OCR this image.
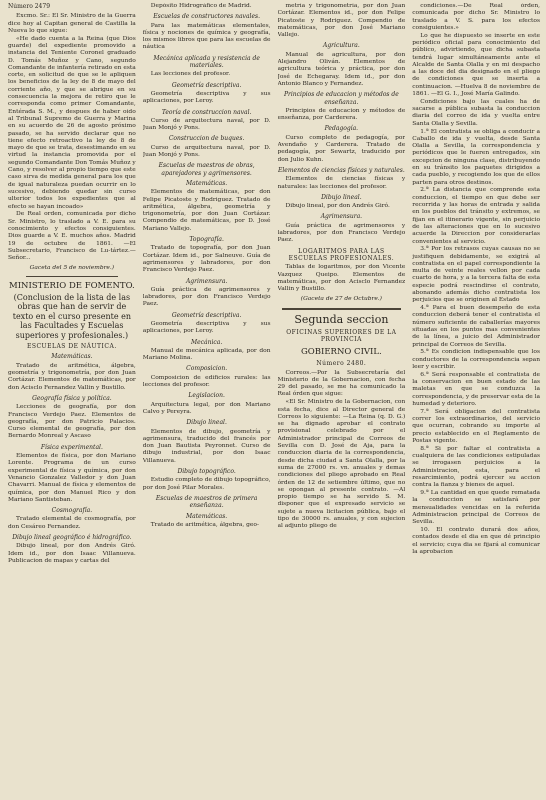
Número 2479

Excmo. Sr.: El Sr. Ministro de la Guerra dice hoy al Capitan general de Castilla la Nueva lo que sigue:

«He dado cuenta a la Reina (que Dios guarde) del expediente promovido a instancia del Teniente Coronel graduado D. Tomás Muñoz y Cano, segundo Comandante de infantería retirado en esta corte, en solicitud de que se le apliquen los beneficios de la ley de 8 de mayo del corriente año, y que se abrigue en su consecuencia la mejora de retiro que le corresponda como primer Comandante, Entérada S. M., y despues de haber oido al Tribunal Supremo de Guerra y Marina en su acuerdo de 26 de agosto próximo pasado, se ha servido declarar que no tiene efecto retroactivo la ley de 8 de mayo de que se trata, desestimando en su virtud la instancia promovida por el segundo Comandante Don Tomás Muñoz y Cano, y resolver al propio tiempo que este caso sirva de medida general para los que de igual naturaleza puedan ocurrir en lo sucesivo, debiendo quedar sin curso ulterior todos los expedientes que al efecto se hayan incoado»

De Real orden, comunicada por dicho Sr. Ministro, lo traslado a V. E. para su conocimiento y efectos consiguientes. Dios guarde a V. E. muchos años. Madrid 19 de octubre de 1861. —El Subsecretario, Francisco de Lu-tártez.—Señor...

Gaceta del 5 de noviembre.)
MINISTERIO DE FOMENTO.
(Conclusion de la lista de las obras que han de servir de texto en el curso presente en las Facultades y Escuelas superiores y profesionales.)
ESCUELAS DE NÁUTICA.
Matemáticas.

Tratado de aritmética, álgebra, geometría y trigonometría, por don Juan Cortázar. Elementos de matemáticas, por don Acisclo Fernandez Vallin y Bustillo.

Geografía física y política.

Lecciones de geografía, por don Francisco Verdejo Paez. Elementos de geografía, por don Patricio Palacios. Curso elemental de geografía, por don Bernardo Monreal y Ascaso

Física experimental.

Elementos de física, por don Mariano Lorente. Programa de un curso experimental de física y química, por don Venancio Gonzalez Valledor y don Juan Chavarri. Manual de física y elementos de química, por don Manuel Rico y don Mariano Santisteban.

Cosmografía.

Tratado elemental de cosmografía, por don Cesáreo Fernandez.

Dibujo lineal geográfico é hidrográfico.

Dibujo lineal, por don Andrés Giró. Idem id., por don Isaac Villanueva. Publicacion de mapas y cartas del

Depósito Hidrográfico de Madrid.

Escuelas de constructores navales.

Para las matemáticas elementales, física y nociones de química y geografía, los mismos libros que para las escuelas de náutica

Mecánica aplicada y resistencia de materiales.

Las lecciones del profesor.

Geometría descriptiva.

Geometría descriptiva y sus aplicaciones, por Leroy.

Teoría de construccion naval.

Curso de arquitectura naval, por D. Juan Monjó y Pons.

Construccion de buques.

Curso de arquitectura naval, por D. Juan Monjó y Pons.

Escuelas de maestros de obras, aparejadores y agrimensores.
Matemáticas.

Elementos de matemáticas, por don Felipe Picatoste y Rodriguez. Tratado de aritmética, álgebra, geometría y trigonometría, por don Juan Cortázar. Compendio de matemáticas, por D. José Mariano Vallejo.

Topografía.

Tratado de topografía, por don Juan Cortázar. Idem id., por Salneuve. Guía de agrimensores y labradores, por don Francisco Verdejo Paez.

Agrimensura.

Guía práctica de agrimensores y labradores, por don Francisco Verdejo Paez.

Geometría descriptiva.

Geometría descriptiva y sus aplicaciones, por Leroy.

Mecánica.

Manual de mecánica aplicada, por don Mariano Molina.

Composicion.

Composicion de edificios rurales: las lecciones del profesor.

Legislacion.

Arquitectura legal, por don Mariano Calvo y Pereyra.

Dibujo lineal.

Elementos de dibujo, geometría y agrimensura, traducido del francés por don Juan Bautista Peyronnet. Curso de dibujo industrial, por don Isaac Villanueva.

Dibujo topográfico.

Estudio completo de dibujo topográfico, por don José Pilar Morales.

Escuelas de maestros de primera enseñanza.
Matemáticas.

Tratado de aritmética, álgebra, geo-

metría y trigonometría, por don Juan Cortázar. Elementos id., por don Felipe Picatoste y Rodriguez. Compendio de matemáticas, por don José Mariano Vallejo.

Agricultura.

Manual de agricultura, por don Alejandro Oliván. Elementos de agricultura teórica y práctica, por don José de Echegaray. Idem id., por don Antonio Blanco y Fernandez.

Principios de educacion y métodos de enseñanza.

Principios de educacion y métodos de enseñanza, por Carderera.

Pedagogía.

Curso completo de pedagogía, por Avendaño y Carderera. Tratado de pedagogía, por Sewartz, traducido por don Julio Kuhn.

Elementos de ciencias físicas y naturales.

Elementos de ciencias físicas y naturales: las lecciones del profesor.

Dibujo lineal.

Dibujo lineal, por don Andrés Giró.

Agrimensura.

Guía práctica de agrimensores y labradores, por don Francisco Verdejo Paez.

LOGARITMOS PARA LAS ESCUELAS PROFESIONALES.

Tablas de logaritmos, por don Vicente Vazquez Queipo. Elementos de matemáticas, por don Acisclo Fernandez Vallin y Bustillo.

(Gaceta de 27 de Octubre.)
Segunda seccion
OFICINAS SUPERIORES DE LA PROVINCIA
GOBIERNO CIVIL.
Número 2480.

Correos.—Por la Subsecretaría del Ministerio de la Gobernacion, con fecha 29 del pasado, se me ha comunicado la Real órden que sigue:

«El Sr. Ministro de la Gobernacion, con esta fecha, dice al Director general de Correos lo siguiente: —La Reina (q. D. G.) se ha dignado aprobar el contrato provisional celebrado por el Administrador principal de Correos de Sevilla con D. José de Aja, para la conduccion diaria de la correspondencia, desde dicha ciudad a Santa Olalla, por la suma de 27000 rs. vn. anuales y demas condiciones del pliego aprobado en Real órden de 12 de setiembre último, que no se opongan al presente contrato. —Al propio tiempo se ha servido S. M. disponer que el expresado servicio se sujete a nueva licitacion pública, bajo el tipo de 30000 rs. anuales, y con sujecion al adjunto pliego de

condiciones.—De Real órden, comunicada por dicho Sr. Ministro lo traslado a V. S. para los efectos consiguientes.»

Lo que he dispuesto se inserte en este periódico oficial para conocimiento del público, advirtiendo, que dicha subasta tendrá lugar simultáneamente ante el Alcalde de Santa Olalla y en mi despacho a las doce del dia designado en el pliego de condiciones que se inserta a continuacion. —Huelva 8 de noviembre de 1861. —El G. I., José María Galindo.

Condiciones bajo las cuales ha de sacarse a pública subasta la conduccion diaria del correo de ida y vuelta entre Santa Olalla y Sevilla.

1.ª El contratista se obliga a conducir a Caballo de ida y vuelta, desde Santa Olalla a Sevilla, la correspondencia y periódicos que le fueren entregados, sin excepcion de ninguna clase, distribuyendo en su tránsito los paquetes dirigidos a cada pueblo, y recogiendo los que de ellos parten para otros destinos.

2.ª La distancia que comprende esta conduccion, el tiempo en que debe ser recorrida y las horas de entrada y salida en los pueblos del tránsito y extremos, se fijan en el itinerario vigente, sin perjuicio de las alteraciones que en lo sucesivo acuerde la Direccion por considerarlas convenientes al servicio.

3.ª Por los retrasos cuyas causas no se justifiquen debidamente, se exigirá al contratista en el papel correspondiente la multa de veinte reales vellon por cada cuarto de hora, y a la tercera falta de esta especie podrá rescindirse el contrato, abonando además dicho contratista los perjuicios que se originen al Estado

4.ª Para el buen desempeño de esta conduccion deberá tener el contratista el número suficiente de caballerías mayores situadas en los puntos mas convenientes de la línea, a juicio del Administrador principal de Correos de Sevilla.

5.ª Es condicion indispensable que los conductores de la correspondencia sepan leer y escribir.

6.ª Será responsable el contratista de la conservacion en buen estado de las maletas en que se conduzca la correspondencia, y de preservar esta de la humedad y deterioro.

7.ª Será obligacion del contratista correr los extraordinarios, del servicio que ocurran, cobrando su importe al precio establecido en el Reglamento de Postas vigente.

8.ª Si por faltar el contratista a cualquiera de las condiciones estipuladas se irrogasen perjuicios a la Administracion, esta, para el resarcimiento, podrá ejercer su accion contra la fianza y bienes de aquel.

9.ª La cantidad en que quede rematada la conduccion se satisfará por mensualidades vencidas en la referida Administracion principal de Correos de Sevilla.

10. El contrato durará dos años, contados desde el dia en que dé principio el servicio; cuya dia se fijará al comunicar la aprobacion
